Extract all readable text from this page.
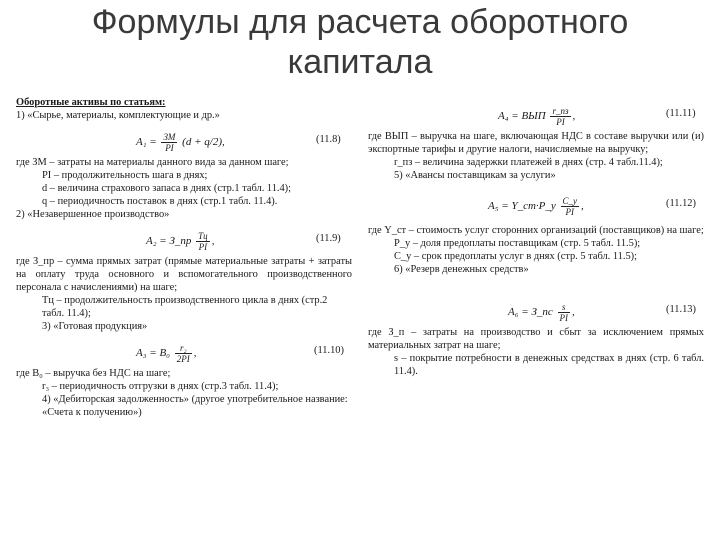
Формулы для расчета оборотного
капитала

Оборотные активы по статьям:

1) «Сырье, материалы, комплектующие и др.»

$A_1 = \frac{ЗМ}{PI} (d + q/2)$,	(11.8)

где ЗМ – затраты на материалы данного вида за данном шаге;

PI – продолжительность шага в днях;

d – величина страхового запаса в днях (стр.1 табл. 11.4);

q – периодичность поставок в днях (стр.1 табл. 11.4).

2) «Незавершенное производство»

A₂ = З_пр $\frac{Tц}{PI}$ ,	(11.9)

где З_пр – сумма прямых затрат (прямые материальные затраты + затраты на оплату труда основного и вспомогательного производственного персонала с начислениями) на шаге;

Tц – продолжительность производственного цикла в днях (стр.2 табл. 11.4);

3) «Готовая продукция»

$A_3 = B_0 \frac{\text{r₂}}{2PI}$ ,	(11.10)

где B₀ – выручка без НДС на шаге;

r₃ – периодичность отгрузки в днях (стр.3 табл. 11.4);

4) «Дебиторская задолженность» (другое употребительное название: «Счета к получению»)

A₄ = ВЫП $\frac{r\_пз}{PI}$ ,	(11.11)

где ВЫП – выручка на шаге, включающая НДС в составе выручки или (и) экспортные тарифы и другие налоги, начисляемые на выручку;

r_пз – величина задержки платежей в днях (стр. 4 табл.11.4);

5) «Авансы поставщикам за услуги»

A₅ = Y_ст·P_у $\frac{C\_у}{PI}$ ,	(11.12)

где Y_ст – стоимость услуг сторонних организаций (поставщиков) на шаге;

P_у – доля предоплаты поставщикам (стр. 5 табл. 11.5);

C_у – срок предоплаты услуг в днях (стр. 5 табл. 11.5);

6) «Резерв денежных средств»

A₆ = З_пс $\frac{s}{PI}$ ,	(11.13)

где З_п – затраты на производство и сбыт за исключением прямых материальных затрат на шаге;

s – покрытие потребности в денежных средствах в днях (стр. 6 табл. 11.4).
